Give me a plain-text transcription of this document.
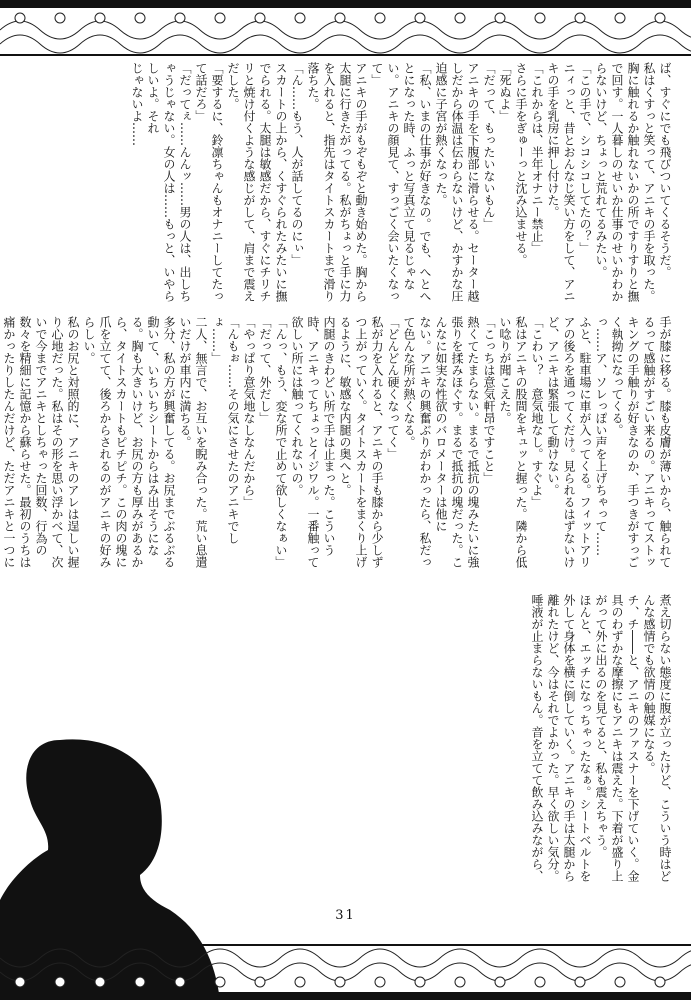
ば、すぐにでも飛びついてくるそうだ。

私はくすっと笑って、アニキの手を取った。胸に触れるか触れないかの所ですりすりと撫で回す。一人暮しのせいか仕事のせいかわからないけど、ちょっと荒れてるみたい。

「この手で、シコシコしてたの？」

ニィっと、昔とおんなじ笑い方をして、アニキの手を乳房に押し付けた。

「これからは、半年オナニー禁止」

さらに手をぎゅーっと沈み込ませる。

「死ぬよ」

「だって、もったいないもん」

アニキの手を下腹部に滑らせる。セーター越しだから体温は伝わらないけど、かすかな圧迫感に子宮が熱くなった。

「私、いまの仕事が好きなの。でも、へとへとになった時、ふっと写真立て見るじゃない。アニキの顔見て、すっごく会いたくなって」

アニキの手がもぞもぞと動き始めた。胸から太腿に行きたがってる。私がちょっと手に力を入れると、指先はタイトスカートまで滑り落ちた。

「ん……もう、人が話してるのにぃ」

スカートの上から、くすぐられたみたいに撫でられる。太腿は敏感だから、すぐにチリチリと焼け付くような感じがして、肩まで震えだした。

「要するに、鈴凛ちゃんもオナニーしてたって話だろ」

「だってぇ……んんッ……男の人は、出しちゃうじゃない。女の人は……もっと、いやらしいよ。それ

じゃないよ……

手が膝に移る。膝も皮膚が薄いから、触られてるって感触がすごい来るの。アニキってストッキングの手触りが好きなのか、手つきがすっごく執拗になってくる。

っ……ア、ソレっぽい声を上げちゃって……

ふと、駐車場に車が入ってくる。フィットアリアの後ろを通ってくだけ。見られるはずないけど、アニキは緊張して動けない。

「こわい？　意気地なし。すぐよ」

私はアニキの股間をキュッと握った。隣から低い唸りが聞こえた。

「こっちは意気軒昂ですこと」

熱くてたまらない。まるで抵抗の塊みたいに強張りを揉みほぐす。まるで抵抗の塊だった。こんなに如実な性欲のバロメーターは他に

ない。アニキの興奮ぶりがわかったら、私だって色んな所が熱くなる。

「どんどん硬くなってく」

私が力を入れると、アニキの手も膝から少しずつ上がっていく。タイトスカートをまくり上げるように、敏感な内腿の奥へと。

内腿のきわどい所で手は止まった。こういう時、アニキってちょっとイジワル。一番触って欲しい所には触ってくれないの。

「んっ、もう、変な所で止めて欲しくなぁい」

「だって、外だし」

「やっぱり意気地なしなんだから」

「んもぉ……その気にさせたのアニキでしょ……」

二人、無言で、お互いを睨み合った。荒い息遣いだけが車内に満ちる。

多分、私の方が興奮してる。お尻までぶるぶる動いて、いちいちシートからはみ出そうになる。胸も大きいけど、お尻の方も厚みがあるから、タイトスカートもピチピチ。この肉の塊に爪を立てて、後ろからされるのがアニキの好みらしい。

私のお尻と対照的に、アニキのアレは逞しい握り心地だった。私はその形を思い浮かべて、次いで今までアニキとしちゃった回数、行為の数々を精細に記憶から蘇らせた。最初のうちは痛かったりしたんだけど、ただアニキと一つに

煮え切らない態度に腹が立ったけど、こういう時はどんな感情でも欲情の触媒になる。

チ、チ――と、アニキのファスナーを下げていく。金具のわずかな摩擦にもアニキは震えた。下着が盛り上がって外に出るのを見てると、私も震えちゃう。

ほんと、エッチになっちゃったなぁ。シートベルトを外して身体を横に倒していく。アニキの手は太腿から離れたけど、今はそれでよかった。早く欲しい気分。

唾液が止まらないもん。音を立てて飲み込みながら、

31
